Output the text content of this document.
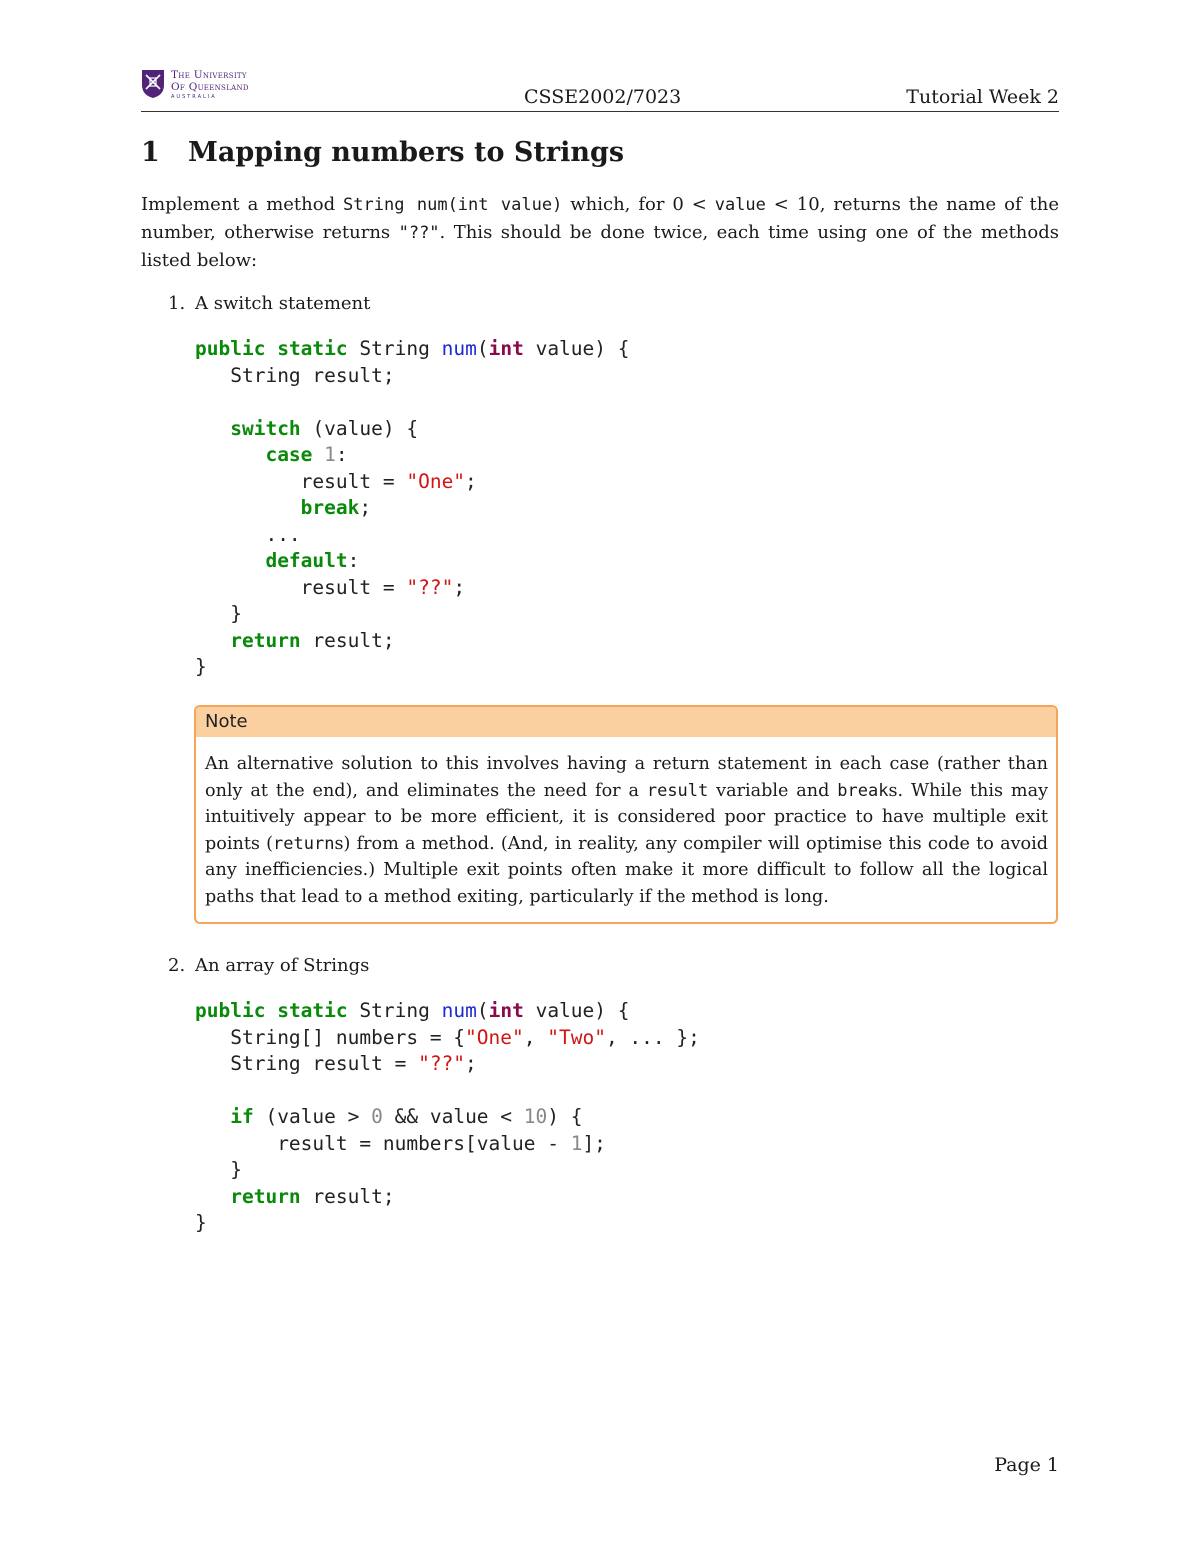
The University
Of Queensland
AUSTRALIA	CSSE2002/7023	Tutorial Week 2
1 Mapping numbers to Strings
Implement a method String num(int value) which, for 0 < value < 10, returns the name of the number, otherwise returns "??". This should be done twice, each time using one of the methods listed below:
1. A switch statement
public static String num(int value) {
String result;

switch (value) {
case 1:
result = "One";
break;
...
default:
result = "??";
}
return result;
}
Note
An alternative solution to this involves having a return statement in each case (rather than only at the end), and eliminates the need for a result variable and breaks. While this may intuitively appear to be more efficient, it is considered poor practice to have multiple exit points (returns) from a method. (And, in reality, any compiler will optimise this code to avoid any inefficiencies.) Multiple exit points often make it more difficult to follow all the logical paths that lead to a method exiting, particularly if the method is long.
2. An array of Strings
public static String num(int value) {
String[] numbers = {"One", "Two", ... };
String result = "??";

if (value > 0 && value < 10) {
result = numbers[value - 1];
}
return result;
}
Page 1
